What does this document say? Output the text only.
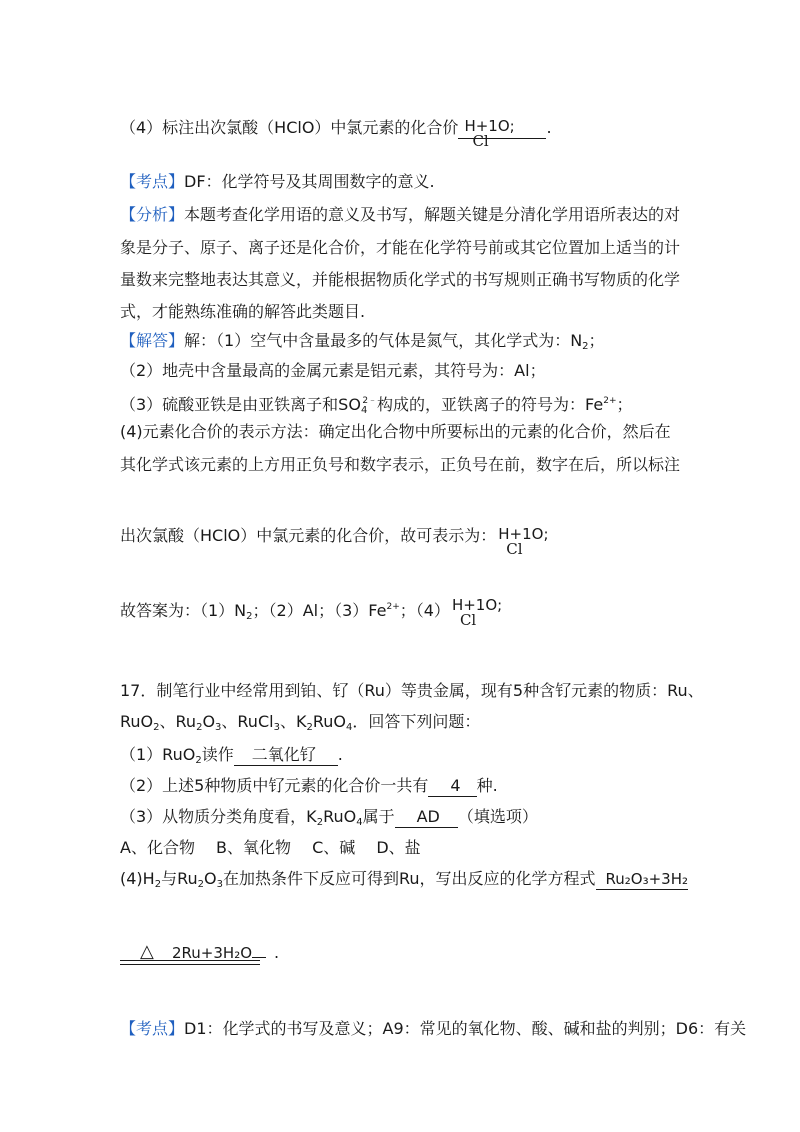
（4）标注出次氯酸（HClO）中氯元素的化合价 H+1O;
Cl
.
【考点】DF：化学符号及其周围数字的意义.
【分析】本题考查化学用语的意义及书写，解题关键是分清化学用语所表达的对
象是分子、原子、离子还是化合价，才能在化学符号前或其它位置加上适当的计
量数来完整地表达其意义，并能根据物质化学式的书写规则正确书写物质的化学
式，才能熟练准确的解答此类题目.
【解答】解：（1）空气中含量最多的气体是氮气，其化学式为：$N_2$；
（2）地壳中含量最高的金属元素是铝元素，其符号为：Al；
（3）硫酸亚铁是由亚铁离子和$SO_4^{2﹣}$构成的，亚铁离子的符号为：$Fe^{2+}$；
(4)元素化合价的表示方法：确定出化合物中所要标出的元素的化合价，然后在
其化学式该元素的上方用正负号和数字表示，正负号在前，数字在后，所以标注
出次氯酸（HClO）中氯元素的化合价，故可表示为： H+1O;
Cl
故答案为：$(1)N_2$；（2）Al；$(3)Fe^{2+}$；（4） H+1O;
Cl
17．制笔行业中经常用到铂、钌（Ru）等贵金属，现有5种含钌元素的物质：Ru、
RuO$_2$、$Ru_2O_3$、RuCl$_3$、$K_2RuO_4$．回答下列问题：
（1）RuO$_2$读作 二氧化钌 .
（2）上述5种物质中钌元素的化合价一共有 4 种.
（3）从物质分类角度看，$K_2RuO_4$属于 AD （填选项）
A、化合物　 B、氧化物　 C、碱　 D、盐
$(4)H_2$与$Ru_2O_3$在加热条件下反应可得到Ru，写出反应的化学方程式 Ru₂O₃+3H₂
△ 2Ru+3H₂O .
【考点】D1：化学式的书写及意义；A9：常见的氧化物、酸、碱和盐的判别；D6：有关
